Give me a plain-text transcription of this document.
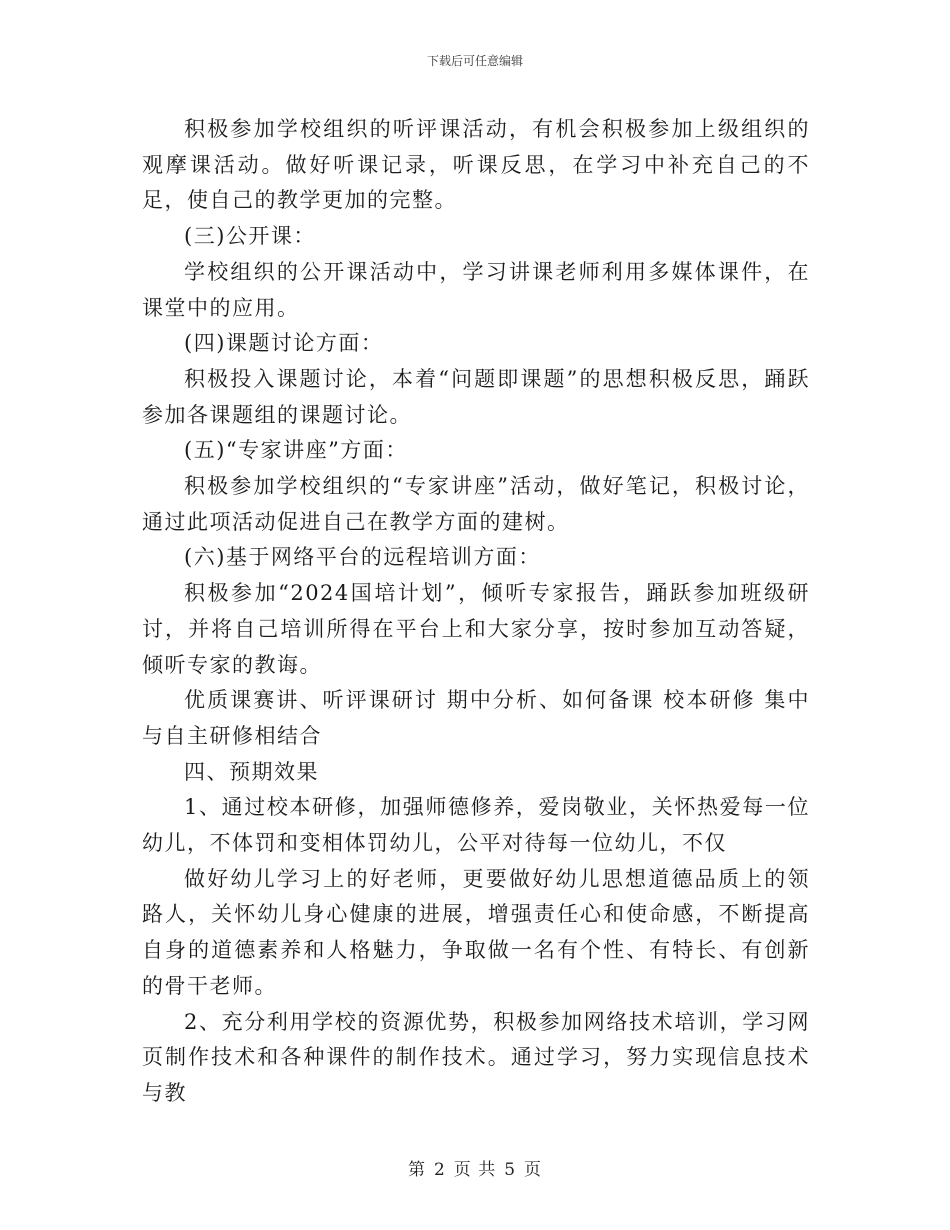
下载后可任意编辑

积极参加学校组织的听评课活动，有机会积极参加上级组织的观摩课活动。做好听课记录，听课反思，在学习中补充自己的不足，使自己的教学更加的完整。

(三)公开课：

学校组织的公开课活动中，学习讲课老师利用多媒体课件，在课堂中的应用。

(四)课题讨论方面：

积极投入课题讨论，本着“问题即课题”的思想积极反思，踊跃参加各课题组的课题讨论。

(五)“专家讲座”方面：

积极参加学校组织的“专家讲座”活动，做好笔记，积极讨论，通过此项活动促进自己在教学方面的建树。

(六)基于网络平台的远程培训方面：

积极参加“2024国培计划”，倾听专家报告，踊跃参加班级研讨，并将自己培训所得在平台上和大家分享，按时参加互动答疑，倾听专家的教诲。

优质课赛讲、听评课研讨 期中分析、如何备课 校本研修 集中与自主研修相结合

四、预期效果

1、通过校本研修，加强师德修养，爱岗敬业，关怀热爱每一位幼儿，不体罚和变相体罚幼儿，公平对待每一位幼儿，不仅

做好幼儿学习上的好老师，更要做好幼儿思想道德品质上的领路人，关怀幼儿身心健康的进展，增强责任心和使命感，不断提高自身的道德素养和人格魅力，争取做一名有个性、有特长、有创新的骨干老师。

2、充分利用学校的资源优势，积极参加网络技术培训，学习网页制作技术和各种课件的制作技术。通过学习，努力实现信息技术与教

第 2 页 共 5 页
